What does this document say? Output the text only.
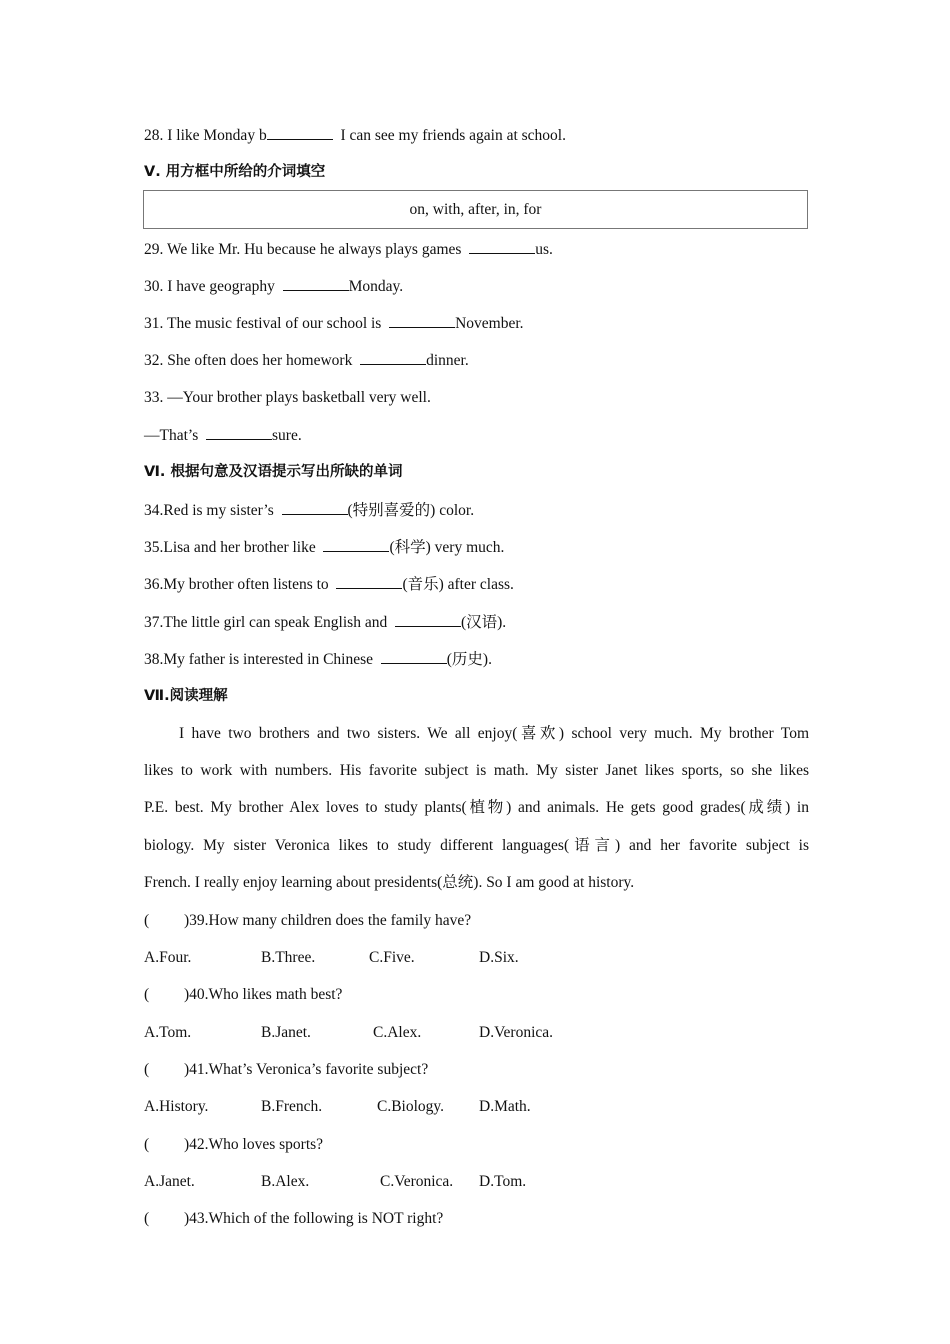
28. I like Monday b	I can see my friends again at school.
Ⅴ. 用方框中所给的介词填空
on, with, after, in, for
29. We like Mr. Hu because he always plays games	us.
30. I have geography	Monday.
31. The music festival of our school is	November.
32. She often does her homework	dinner.
33. —Your brother plays basketball very well.
—That’s	sure.
Ⅵ. 根据句意及汉语提示写出所缺的单词
34.Red is my sister’s	(特别喜爱的) color.
35.Lisa and her brother like	(科学) very much.
36.My brother often listens to	(音乐) after class.
37.The little girl can speak English and	(汉语).
38.My father is interested in Chinese	(历史).
Ⅶ.阅读理解
I have two brothers and two sisters. We all enjoy(喜欢) school very much. My brother Tom
likes to work with numbers. His favorite subject is math. My sister Janet likes sports, so she likes
P.E. best. My brother Alex loves to study plants(植物) and animals. He gets good grades(成绩) in
biology. My sister Veronica likes to study different languages(语言) and her favorite subject is
French. I really enjoy learning about presidents(总统). So I am good at history.
( )39.How many children does the family have?
A.Four.	B.Three.	C.Five.	D.Six.
( )40.Who likes math best?
A.Tom.	B.Janet.	C.Alex.	D.Veronica.
( )41.What’s Veronica’s favorite subject?
A.History.	B.French.	C.Biology. D.Math.
( )42.Who loves sports?
A.Janet.	B.Alex.	C.Veronica. D.Tom.
( )43.Which of the following is NOT right?
